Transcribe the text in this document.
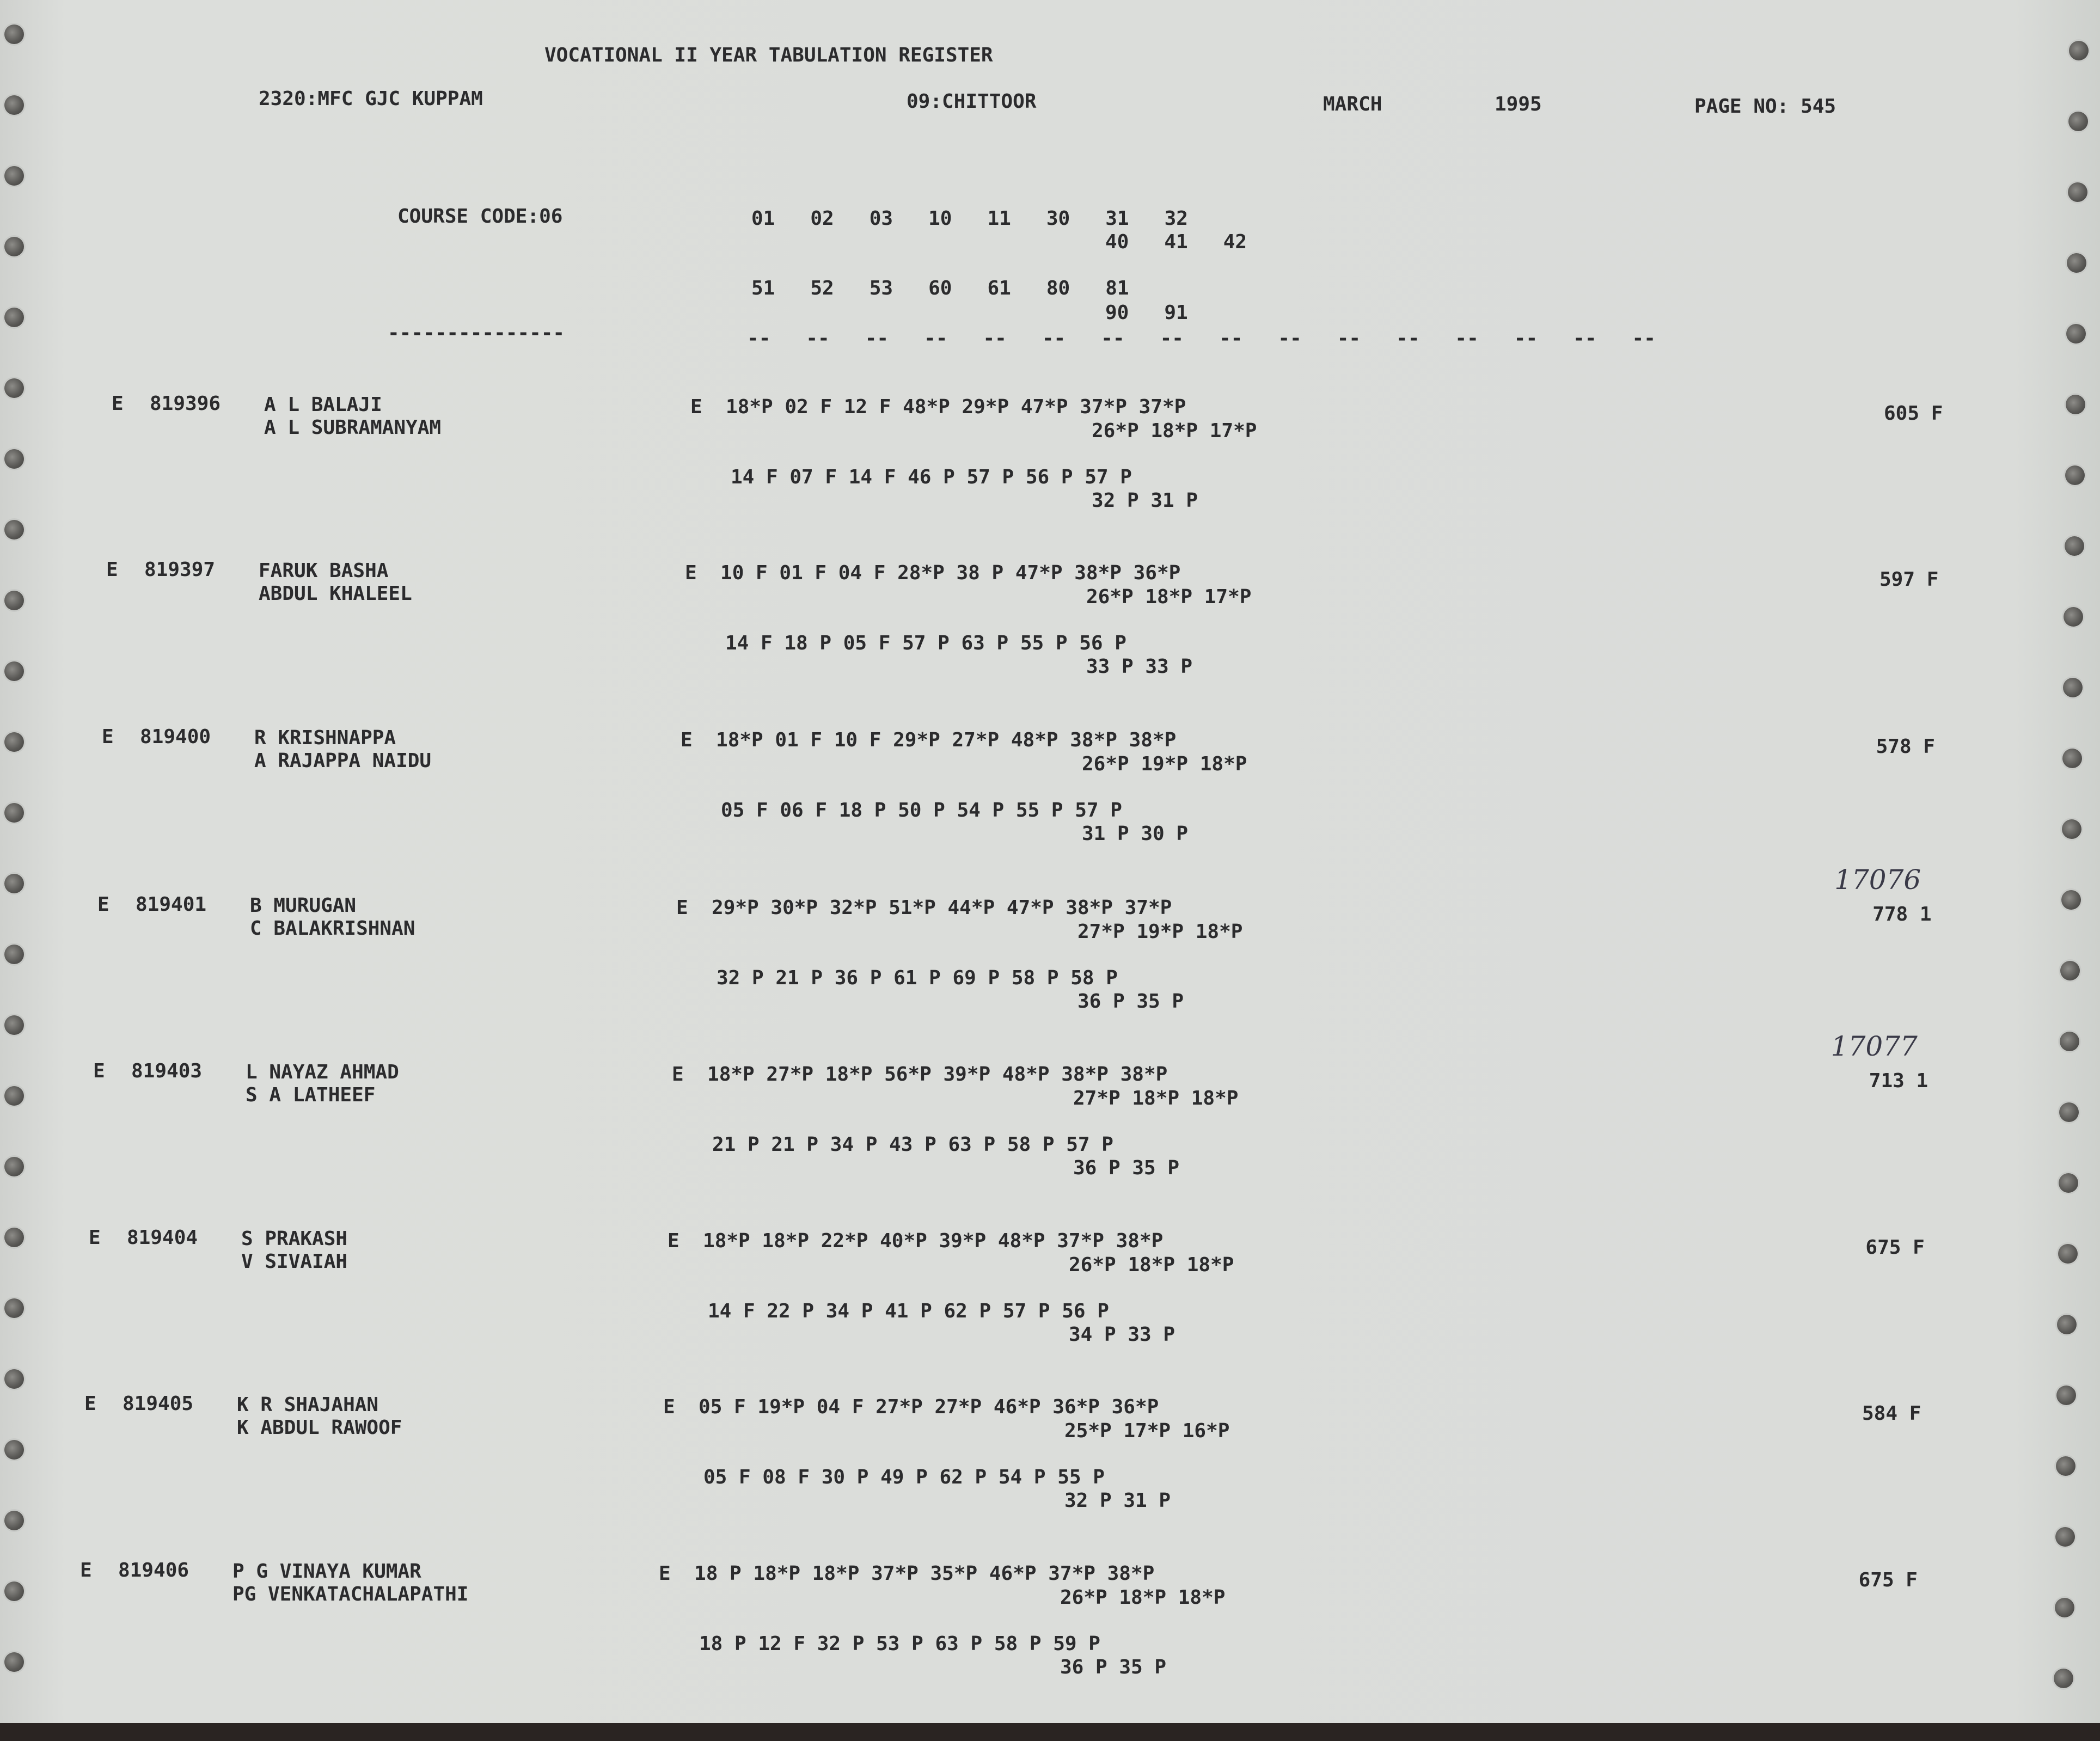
VOCATIONAL II YEAR TABULATION REGISTER
2320:MFC GJC KUPPAM	09:CHITTOOR	MARCH	1995	PAGE NO: 545
COURSE CODE:06	01   02   03   10   11   30   31   32
40   41   42
51   52   53   60   61   80   81
90   91
---------------	--   --   --   --   --   --   --   --   --   --   --   --   --   --   --   --
E 819396 A L BALAJI
A L SUBRAMANYAM
E  18*P 02 F 12 F 48*P 29*P 47*P 37*P 37*P
26*P 18*P 17*P
14 F 07 F 14 F 46 P 57 P 56 P 57 P
32 P 31 P
605 F
E 819397 FARUK BASHA
ABDUL KHALEEL
E  10 F 01 F 04 F 28*P 38 P 47*P 38*P 36*P
26*P 18*P 17*P
14 F 18 P 05 F 57 P 63 P 55 P 56 P
33 P 33 P
597 F
E 819400 R KRISHNAPPA
A RAJAPPA NAIDU
E  18*P 01 F 10 F 29*P 27*P 48*P 38*P 38*P
26*P 19*P 18*P
05 F 06 F 18 P 50 P 54 P 55 P 57 P
31 P 30 P
578 F
E 819401 B MURUGAN
C BALAKRISHNAN
E  29*P 30*P 32*P 51*P 44*P 47*P 38*P 37*P
27*P 19*P 18*P
32 P 21 P 36 P 61 P 69 P 58 P 58 P
36 P 35 P
778 1
17076
E 819403 L NAYAZ AHMAD
S A LATHEEF
E  18*P 27*P 18*P 56*P 39*P 48*P 38*P 38*P
27*P 18*P 18*P
21 P 21 P 34 P 43 P 63 P 58 P 57 P
36 P 35 P
713 1
17077
E 819404 S PRAKASH
V SIVAIAH
E  18*P 18*P 22*P 40*P 39*P 48*P 37*P 38*P
26*P 18*P 18*P
14 F 22 P 34 P 41 P 62 P 57 P 56 P
34 P 33 P
675 F
E 819405 K R SHAJAHAN
K ABDUL RAWOOF
E  05 F 19*P 04 F 27*P 27*P 46*P 36*P 36*P
25*P 17*P 16*P
05 F 08 F 30 P 49 P 62 P 54 P 55 P
32 P 31 P
584 F
E 819406 P G VINAYA KUMAR
PG VENKATACHALAPATHI
E  18 P 18*P 18*P 37*P 35*P 46*P 37*P 38*P
26*P 18*P 18*P
18 P 12 F 32 P 53 P 63 P 58 P 59 P
36 P 35 P
675 F
